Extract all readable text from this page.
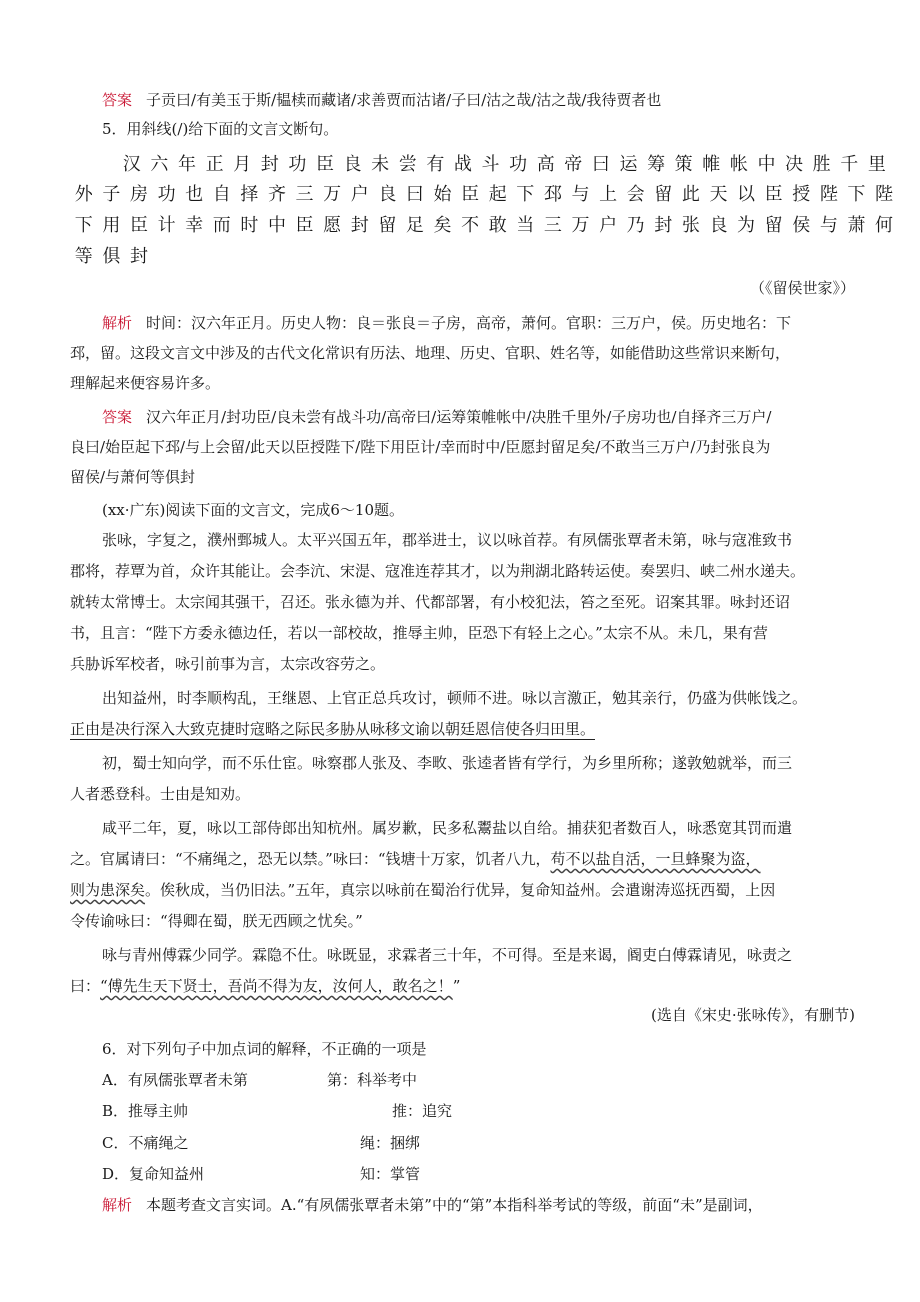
答案 子贡曰/有美玉于斯/韫椟而藏诸/求善贾而沽诸/子曰/沽之哉/沽之哉/我待贾者也
5．用斜线(/)给下面的文言文断句。
汉 六 年 正 月 封 功 臣 良 未 尝 有 战 斗 功 高 帝 曰 运 筹 策 帷 帐 中 决 胜 千 里
外 子 房 功 也 自 择 齐 三 万 户 良 曰 始 臣 起 下 邳 与 上 会 留 此 天 以 臣 授 陛 下 陛
下 用 臣 计 幸 而 时 中 臣 愿 封 留 足 矣 不 敢 当 三 万 户 乃 封 张 良 为 留 侯 与 萧 何
等 俱 封
（《留侯世家》）
解析 时间：汉六年正月。历史人物：良＝张良＝子房，高帝，萧何。官职：三万户，侯。历史地名：下
邳，留。这段文言文中涉及的古代文化常识有历法、地理、历史、官职、姓名等，如能借助这些常识来断句，
理解起来便容易许多。
答案 汉六年正月/封功臣/良未尝有战斗功/高帝曰/运筹策帷帐中/决胜千里外/子房功也/自择齐三万户/
良曰/始臣起下邳/与上会留/此天以臣授陛下/陛下用臣计/幸而时中/臣愿封留足矣/不敢当三万户/乃封张良为
留侯/与萧何等俱封
(xx·广东)阅读下面的文言文，完成6～10题。
张咏，字复之，濮州鄄城人。太平兴国五年，郡举进士，议以咏首荐。有夙儒张覃者未第，咏与寇准致书
郡将，荐覃为首，众许其能让。会李沆、宋湜、寇准连荐其才，以为荆湖北路转运使。奏罢归、峡二州水递夫。
就转太常博士。太宗闻其强干，召还。张永德为并、代都部署，有小校犯法，笞之至死。诏案其罪。咏封还诏
书，且言：“陛下方委永德边任，若以一部校故，推辱主帅，臣恐下有轻上之心。”太宗不从。未几，果有营
兵胁诉军校者，咏引前事为言，太宗改容劳之。
出知益州，时李顺构乱，王继恩、上官正总兵攻讨，顿师不进。咏以言激正，勉其亲行，仍盛为供帐饯之。
正由是决行深入大致克捷时寇略之际民多胁从咏移文谕以朝廷恩信使各归田里。
初，蜀士知向学，而不乐仕宦。咏察郡人张及、李畋、张逵者皆有学行，为乡里所称；遂敦勉就举，而三
人者悉登科。士由是知劝。
咸平二年，夏，咏以工部侍郎出知杭州。属岁歉，民多私鬻盐以自给。捕获犯者数百人，咏悉宽其罚而遣
之。官属请曰：“不痛绳之，恐无以禁。”咏曰：“钱塘十万家，饥者八九，苟不以盐自活，一旦蜂聚为盗，
则为患深矣。俟秋成，当仍旧法。”五年，真宗以咏前在蜀治行优异，复命知益州。会遣谢涛巡抚西蜀，上因
令传谕咏曰：“得卿在蜀，朕无西顾之忧矣。”
咏与青州傅霖少同学。霖隐不仕。咏既显，求霖者三十年，不可得。至是来谒，阍吏白傅霖请见，咏责之
曰：“傅先生天下贤士，吾尚不得为友，汝何人，敢名之！”
(选自《宋史·张咏传》，有删节)
6．对下列句子中加点词的解释，不正确的一项是
A．有夙儒张覃者未第	第：科举考中
B．推辱主帅	推：追究
C．不痛绳之	绳：捆绑
D．复命知益州	知：掌管
解析 本题考查文言实词。A.“有夙儒张覃者未第”中的“第”本指科举考试的等级，前面“未”是副词，
